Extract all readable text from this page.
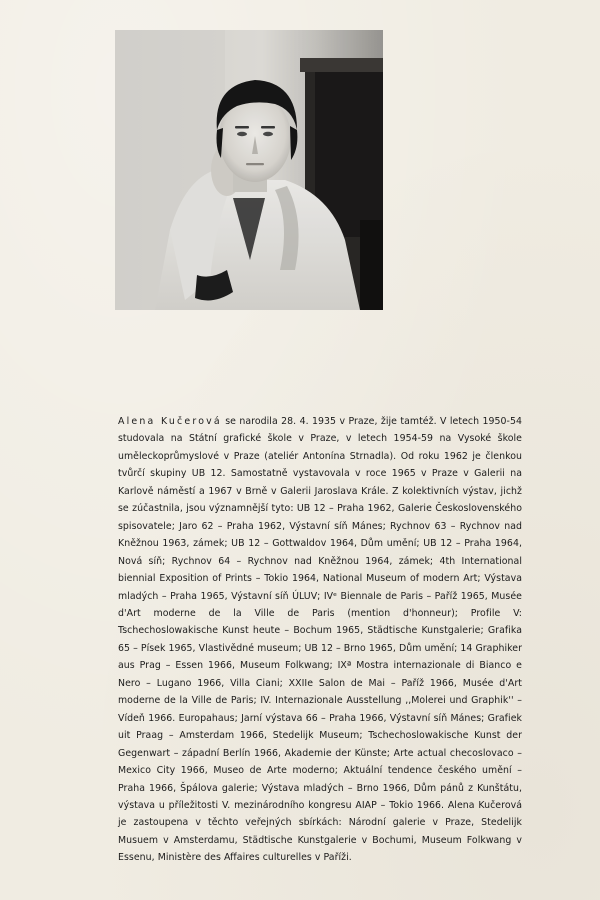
Alena Kučerová se narodila 28. 4. 1935 v Praze, žije tamtéž. V letech 1950-54 studovala na Státní grafické škole v Praze, v letech 1954-59 na Vysoké škole uměleckoprůmyslové v Praze (ateliér Antonína Strnadla). Od roku 1962 je členkou tvůrčí skupiny UB 12. Samostatně vystavovala v roce 1965 v Praze v Galerii na Karlově náměstí a 1967 v Brně v Galerii Jaroslava Krále. Z kolektivních výstav, jichž se zúčastnila, jsou významnější tyto: UB 12 – Praha 1962, Galerie Československého spisovatele; Jaro 62 – Praha 1962, Výstavní síň Mánes; Rychnov 63 – Rychnov nad Kněžnou 1963, zámek; UB 12 – Gottwaldov 1964, Dům umění; UB 12 – Praha 1964, Nová síň; Rychnov 64 – Rychnov nad Kněžnou 1964, zámek; 4th International biennial Exposition of Prints – Tokio 1964, National Museum of modern Art; Výstava mladých – Praha 1965, Výstavní síň ÚLUV; IVᵉ Biennale de Paris – Paříž 1965, Musée d'Art moderne de la Ville de Paris (mention d'honneur); Profile V: Tschechoslowakische Kunst heute – Bochum 1965, Städtische Kunstgalerie; Grafika 65 – Písek 1965, Vlastivědné museum; UB 12 – Brno 1965, Dům umění; 14 Graphiker aus Prag – Essen 1966, Museum Folkwang; IXª Mostra internazionale di Bianco e Nero – Lugano 1966, Villa Ciani; XXIIe Salon de Mai – Paříž 1966, Musée d'Art moderne de la Ville de Paris; IV. Internazionale Ausstellung ,,Molerei und Graphik'' – Vídeň 1966. Europahaus; Jarní výstava 66 – Praha 1966, Výstavní síň Mánes; Grafiek uit Praag – Amsterdam 1966, Stedelijk Museum; Tschechoslowakische Kunst der Gegenwart – západní Berlín 1966, Akademie der Künste; Arte actual checoslovaco – Mexico City 1966, Museo de Arte moderno; Aktuální tendence českého umění – Praha 1966, Špálova galerie; Výstava mladých – Brno 1966, Dům pánů z Kunštátu, výstava u příležitosti V. mezinárodního kongresu AIAP – Tokio 1966. Alena Kučerová je zastoupena v těchto veřejných sbírkách: Národní galerie v Praze, Stedelijk Musuem v Amsterdamu, Städtische Kunstgalerie v Bochumi, Museum Folkwang v Essenu, Ministère des Affaires culturelles v Paříži.
